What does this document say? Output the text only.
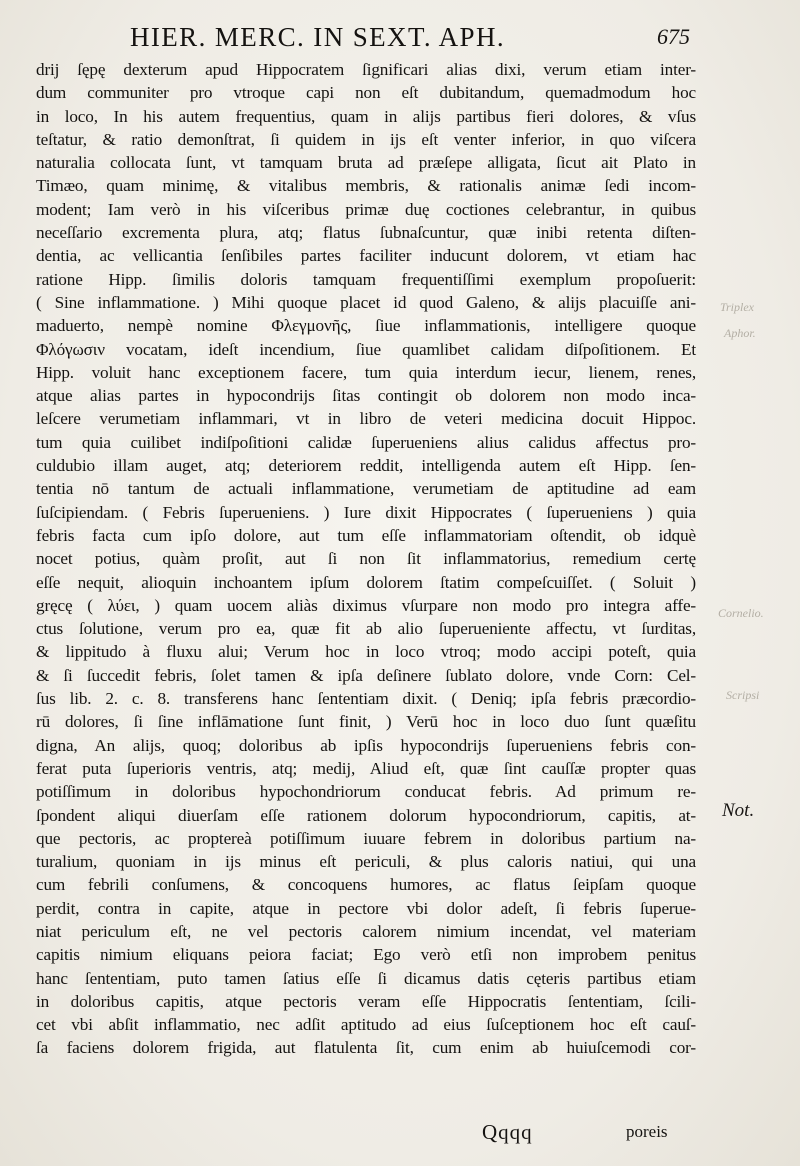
HIER. MERC. IN SEXT. APH.	675
drij ſępę dexterum apud Hippocratem ſignificari alias dixi, verum etiam inter-
dum communiter pro vtroque capi non eſt dubitandum, quemadmodum hoc
in loco, In his autem frequentius, quam in alijs partibus fieri dolores, & vſus
teſtatur, & ratio demonſtrat, ſi quidem in ijs eſt venter inferior, in quo viſcera
naturalia collocata ſunt, vt tamquam bruta ad præſepe alligata, ſicut ait Plato in
Timæo, quam minimę, & vitalibus membris, & rationalis animæ ſedi incom-
modent; Iam verò in his viſceribus primæ duę coctiones celebrantur, in quibus
neceſſario excrementa plura, atq; flatus ſubnaſcuntur, quæ inibi retenta diſten-
dentia, ac vellicantia ſenſibiles partes faciliter inducunt dolorem, vt etiam hac
ratione Hipp. ſimilis doloris tamquam frequentiſſimi exemplum propoſuerit:
( Sine inflammatione. ) Mihi quoque placet id quod Galeno, & alijs placuiſſe ani-
maduerto, nempè nomine Φλεγμονῆς, ſiue inflammationis, intelligere quoque
Φλόγωσιν vocatam, ideſt incendium, ſiue quamlibet calidam diſpoſitionem. Et
Hipp. voluit hanc exceptionem facere, tum quia interdum iecur, lienem, renes,
atque alias partes in hypocondrijs ſitas contingit ob dolorem non modo inca-
leſcere verumetiam inflammari, vt in libro de veteri medicina docuit Hippoc.
tum quia cuilibet indiſpoſitioni calidæ ſuperueniens alius calidus affectus pro-
culdubio illam auget, atq; deteriorem reddit, intelligenda autem eſt Hipp. ſen-
tentia nō tantum de actuali inflammatione, verumetiam de aptitudine ad eam
ſuſcipiendam. ( Febris ſuperueniens. ) Iure dixit Hippocrates ( ſuperueniens ) quia
febris facta cum ipſo dolore, aut tum eſſe inflammatoriam oſtendit, ob idquè
nocet potius, quàm proſit, aut ſi non ſit inflammatorius, remedium certę
eſſe nequit, alioquin inchoantem ipſum dolorem ſtatim compeſcuiſſet. ( Soluit )
gręcę ( λύει, ) quam uocem aliàs diximus vſurpare non modo pro integra affe-
ctus ſolutione, verum pro ea, quæ fit ab alio ſuperueniente affectu, vt ſurditas,
& lippitudo à fluxu alui; Verum hoc in loco vtroq; modo accipi poteſt, quia
& ſi ſuccedit febris, ſolet tamen & ipſa deſinere ſublato dolore, vnde Corn: Cel-
ſus lib. 2. c. 8. transferens hanc ſententiam dixit. ( Deniq; ipſa febris præcordio-
rū dolores, ſi ſine inflāmatione ſunt finit, ) Verū hoc in loco duo ſunt quæſitu
digna, An alijs, quoq; doloribus ab ipſis hypocondrijs ſuperueniens febris con-
ferat puta ſuperioris ventris, atq; medij, Aliud eſt, quæ ſint cauſſæ propter quas
potiſſimum in doloribus hypochondriorum conducat febris. Ad primum re-
ſpondent aliqui diuerſam eſſe rationem dolorum hypocondriorum, capitis, at-
que pectoris, ac proptereà potiſſimum iuuare febrem in doloribus partium na-
turalium, quoniam in ijs minus eſt periculi, & plus caloris natiui, qui una
cum febrili conſumens, & concoquens humores, ac flatus ſeipſam quoque
perdit, contra in capite, atque in pectore vbi dolor adeſt, ſi febris ſuperue-
niat periculum eſt, ne vel pectoris calorem nimium incendat, vel materiam
capitis nimium eliquans peiora faciat; Ego verò etſi non improbem penitus
hanc ſententiam, puto tamen ſatius eſſe ſi dicamus datis cęteris partibus etiam
in doloribus capitis, atque pectoris veram eſſe Hippocratis ſententiam, ſcili-
cet vbi abſit inflammatio, nec adſit aptitudo ad eius ſuſceptionem hoc eſt cauſ-
ſa faciens dolorem frigida, aut flatulenta ſit, cum enim ab huiuſcemodi cor-
Triplex
Aphor.
Cornelio.
Scripsi
Not.
Qqqq	poreis
